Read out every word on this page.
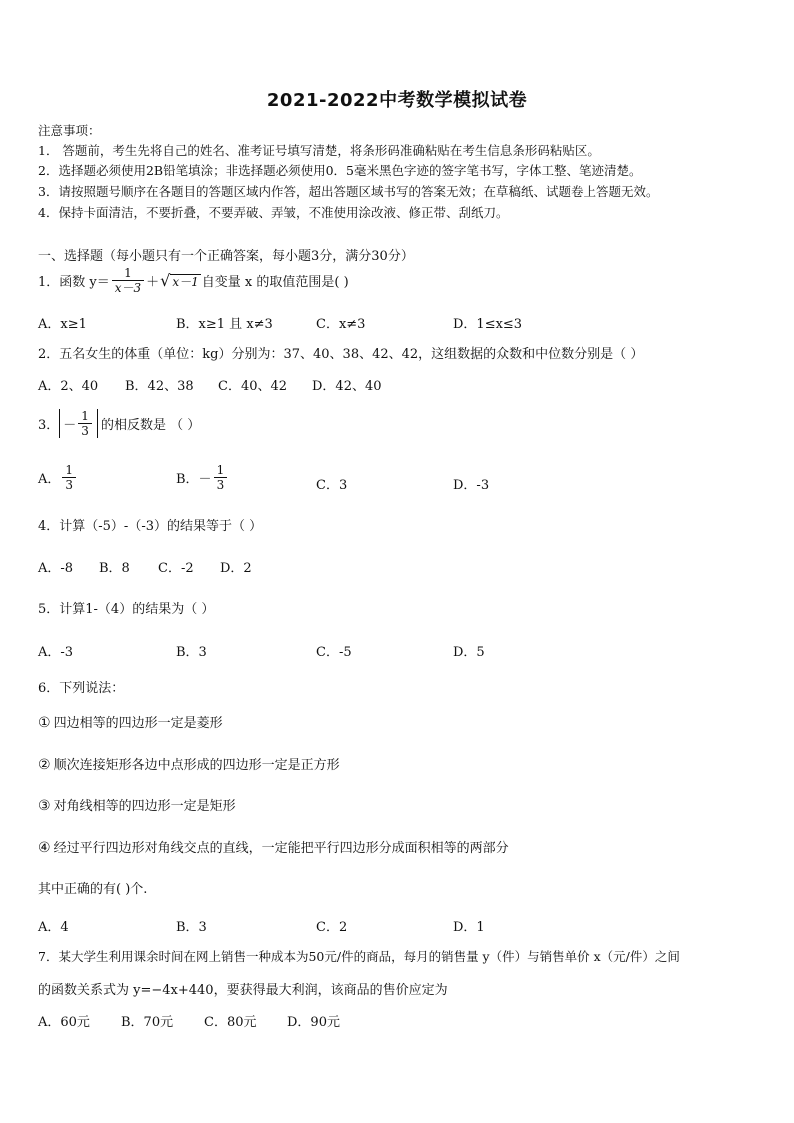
2021-2022中考数学模拟试卷
注意事项：
1． 答题前，考生先将自己的姓名、准考证号填写清楚，将条形码准确粘贴在考生信息条形码粘贴区。
2．选择题必须使用2B铅笔填涂；非选择题必须使用0．5毫米黑色字迹的签字笔书写，字体工整、笔迹清楚。
3．请按照题号顺序在各题目的答题区域内作答，超出答题区域书写的答案无效；在草稿纸、试题卷上答题无效。
4．保持卡面清洁，不要折叠，不要弄破、弄皱，不准使用涂改液、修正带、刮纸刀。
一、选择题（每小题只有一个正确答案，每小题3分，满分30分）
1．函数 $y= \frac{1}{x-3}$ ＋ √ x－1 自变量 x 的取值范围是( )
A．x≥1	B．x≥1 且 x≠3	C．x≠3	D．1≤x≤3
2．五名女生的体重（单位：kg）分别为：37、40、38、42、42，这组数据的众数和中位数分别是（ ）
A．2、40 B．42、38 C．40、42 D．42、40
3． － $\frac{1}{3}$ 的相反数是 （ ）
A． $\frac{1}{3}$	B．－ $\frac{1}{3}$	C．3	D．-3
4．计算（-5）-（-3）的结果等于（ ）
A．-8 B．8 C．-2 D．2
5．计算1-（4）的结果为（ ）
A．-3	B．3	C．-5	D．5
6．下列说法：
① 四边相等的四边形一定是菱形
② 顺次连接矩形各边中点形成的四边形一定是正方形
③ 对角线相等的四边形一定是矩形
④ 经过平行四边形对角线交点的直线，一定能把平行四边形分成面积相等的两部分
其中正确的有( )个.
A．4	B．3	C．2	D．1
7．某大学生利用课余时间在网上销售一种成本为50元/件的商品，每月的销售量 y（件）与销售单价 x（元/件）之间
的函数关系式为 y=−4x+440，要获得最大利润，该商品的售价应定为
A．60元 B．70元 C．80元 D．90元
